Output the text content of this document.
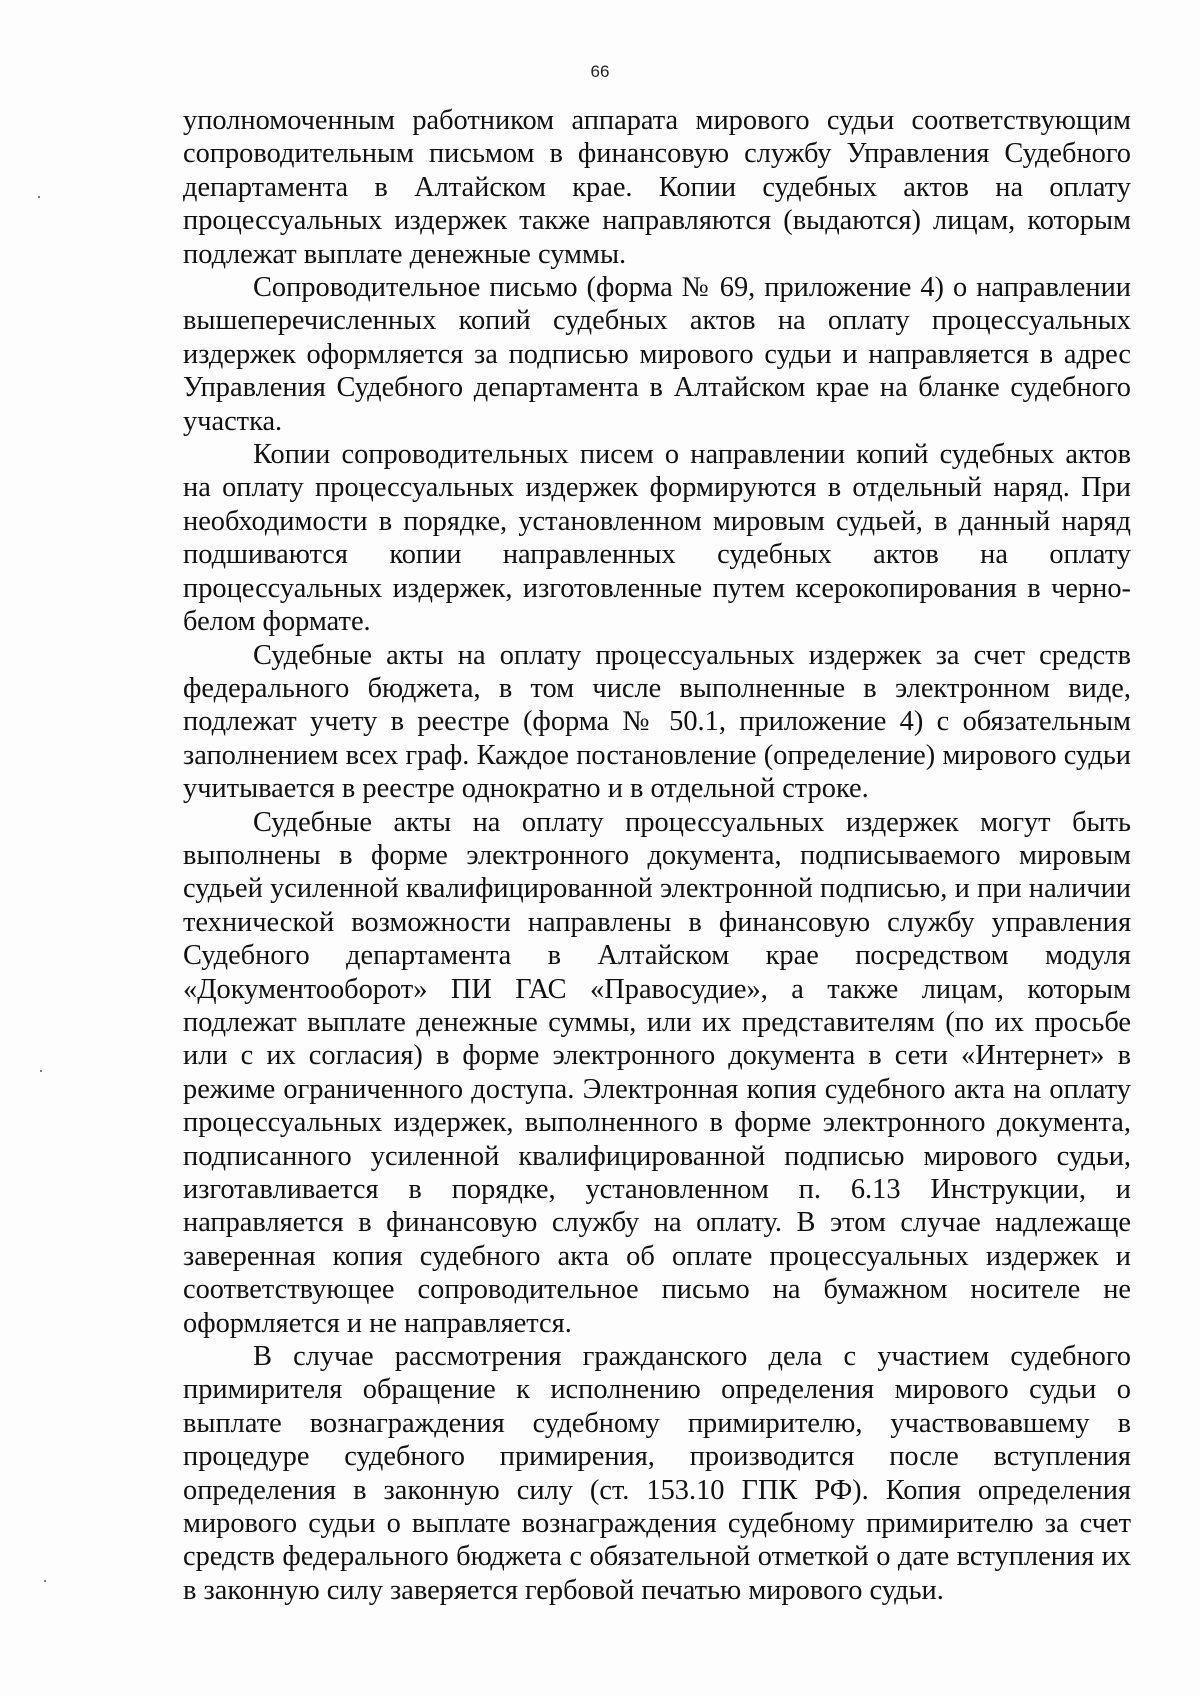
66

уполномоченным работником аппарата мирового судьи соответствующим сопроводительным письмом в финансовую службу Управления Судебного департамента в Алтайском крае. Копии судебных актов на оплату процессуальных издержек также направляются (выдаются) лицам, которым подлежат выплате денежные суммы.

Сопроводительное письмо (форма № 69, приложение 4) о направлении вышеперечисленных копий судебных актов на оплату процессуальных издержек оформляется за подписью мирового судьи и направляется в адрес Управления Судебного департамента в Алтайском крае на бланке судебного участка.

Копии сопроводительных писем о направлении копий судебных актов на оплату процессуальных издержек формируются в отдельный наряд. При необходимости в порядке, установленном мировым судьей, в данный наряд подшиваются копии направленных судебных актов на оплату процессуальных издержек, изготовленные путем ксерокопирования в черно-белом формате.

Судебные акты на оплату процессуальных издержек за счет средств федерального бюджета, в том числе выполненные в электронном виде, подлежат учету в реестре (форма № 50.1, приложение 4) с обязательным заполнением всех граф. Каждое постановление (определение) мирового судьи учитывается в реестре однократно и в отдельной строке.

Судебные акты на оплату процессуальных издержек могут быть выполнены в форме электронного документа, подписываемого мировым судьей усиленной квалифицированной электронной подписью, и при наличии технической возможности направлены в финансовую службу управления Судебного департамента в Алтайском крае посредством модуля «Документооборот» ПИ ГАС «Правосудие», а также лицам, которым подлежат выплате денежные суммы, или их представителям (по их просьбе или с их согласия) в форме электронного документа в сети «Интернет» в режиме ограниченного доступа. Электронная копия судебного акта на оплату процессуальных издержек, выполненного в форме электронного документа, подписанного усиленной квалифицированной подписью мирового судьи, изготавливается в порядке, установленном п. 6.13 Инструкции, и направляется в финансовую службу на оплату. В этом случае надлежаще заверенная копия судебного акта об оплате процессуальных издержек и соответствующее сопроводительное письмо на бумажном носителе не оформляется и не направляется.

В случае рассмотрения гражданского дела с участием судебного примирителя обращение к исполнению определения мирового судьи о выплате вознаграждения судебному примирителю, участвовавшему в процедуре судебного примирения, производится после вступления определения в законную силу (ст. 153.10 ГПК РФ). Копия определения мирового судьи о выплате вознаграждения судебному примирителю за счет средств федерального бюджета с обязательной отметкой о дате вступления их в законную силу заверяется гербовой печатью мирового судьи.
